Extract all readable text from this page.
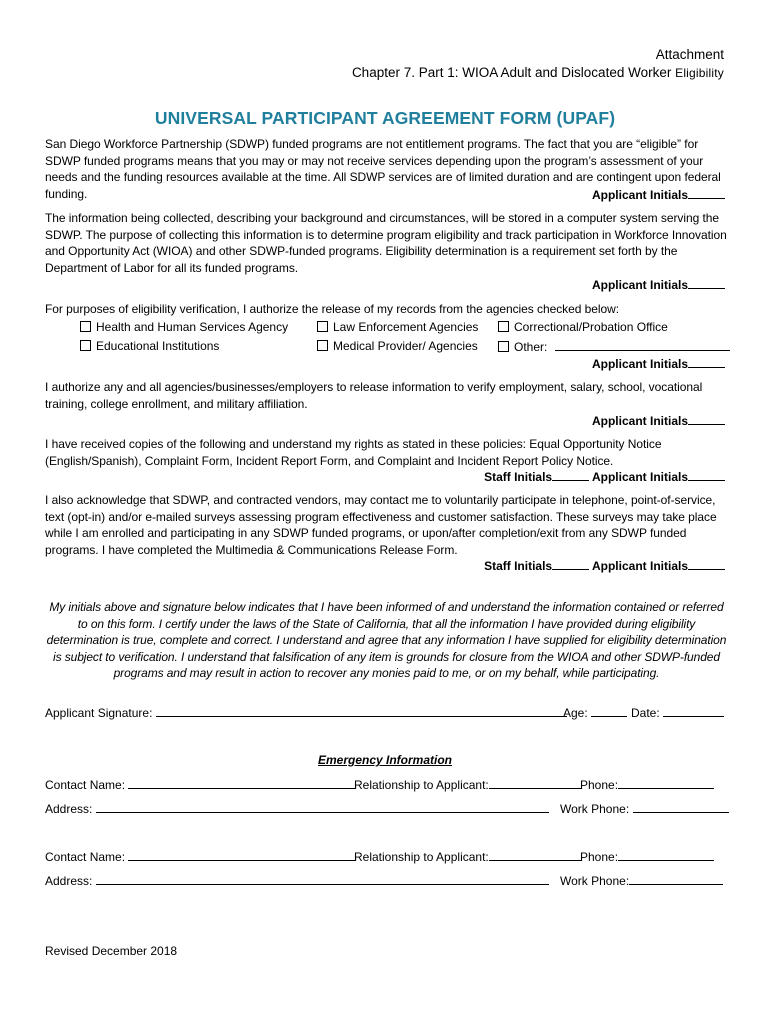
Attachment
Chapter 7. Part 1: WIOA Adult and Dislocated Worker Eligibility
UNIVERSAL PARTICIPANT AGREEMENT FORM (UPAF)
San Diego Workforce Partnership (SDWP) funded programs are not entitlement programs. The fact that you are “eligible” for SDWP funded programs means that you may or may not receive services depending upon the program’s assessment of your needs and the funding resources available at the time. All SDWP services are of limited duration and are contingent upon federal funding.	Applicant Initials
The information being collected, describing your background and circumstances, will be stored in a computer system serving the SDWP. The purpose of collecting this information is to determine program eligibility and track participation in Workforce Innovation and Opportunity Act (WIOA) and other SDWP-funded programs. Eligibility determination is a requirement set forth by the Department of Labor for all its funded programs.
Applicant Initials
For purposes of eligibility verification, I authorize the release of my records from the agencies checked below:
Health and Human Services Agency	Law Enforcement Agencies	Correctional/Probation Office
Educational Institutions	Medical Provider/ Agencies	Other:
Applicant Initials
I authorize any and all agencies/businesses/employers to release information to verify employment, salary, school, vocational training, college enrollment, and military affiliation.
Applicant Initials
I have received copies of the following and understand my rights as stated in these policies: Equal Opportunity Notice (English/Spanish), Complaint Form, Incident Report Form, and Complaint and Incident Report Policy Notice.
Staff Initials	Applicant Initials
I also acknowledge that SDWP, and contracted vendors, may contact me to voluntarily participate in telephone, point-of-service, text (opt-in) and/or e-mailed surveys assessing program effectiveness and customer satisfaction. These surveys may take place while I am enrolled and participating in any SDWP funded programs, or upon/after completion/exit from any SDWP funded programs. I have completed the Multimedia & Communications Release Form.
Staff Initials	Applicant Initials
My initials above and signature below indicates that I have been informed of and understand the information contained or referred to on this form. I certify under the laws of the State of California, that all the information I have provided during eligibility determination is true, complete and correct. I understand and agree that any information I have supplied for eligibility determination is subject to verification. I understand that falsification of any item is grounds for closure from the WIOA and other SDWP-funded programs and may result in action to recover any monies paid to me, or on my behalf, while participating.
Applicant Signature:	Age:	Date:
Emergency Information
Contact Name:	Relationship to Applicant:	Phone:
Address:	Work Phone:
Contact Name:	Relationship to Applicant:	Phone:
Address:	Work Phone:
Revised December 2018
